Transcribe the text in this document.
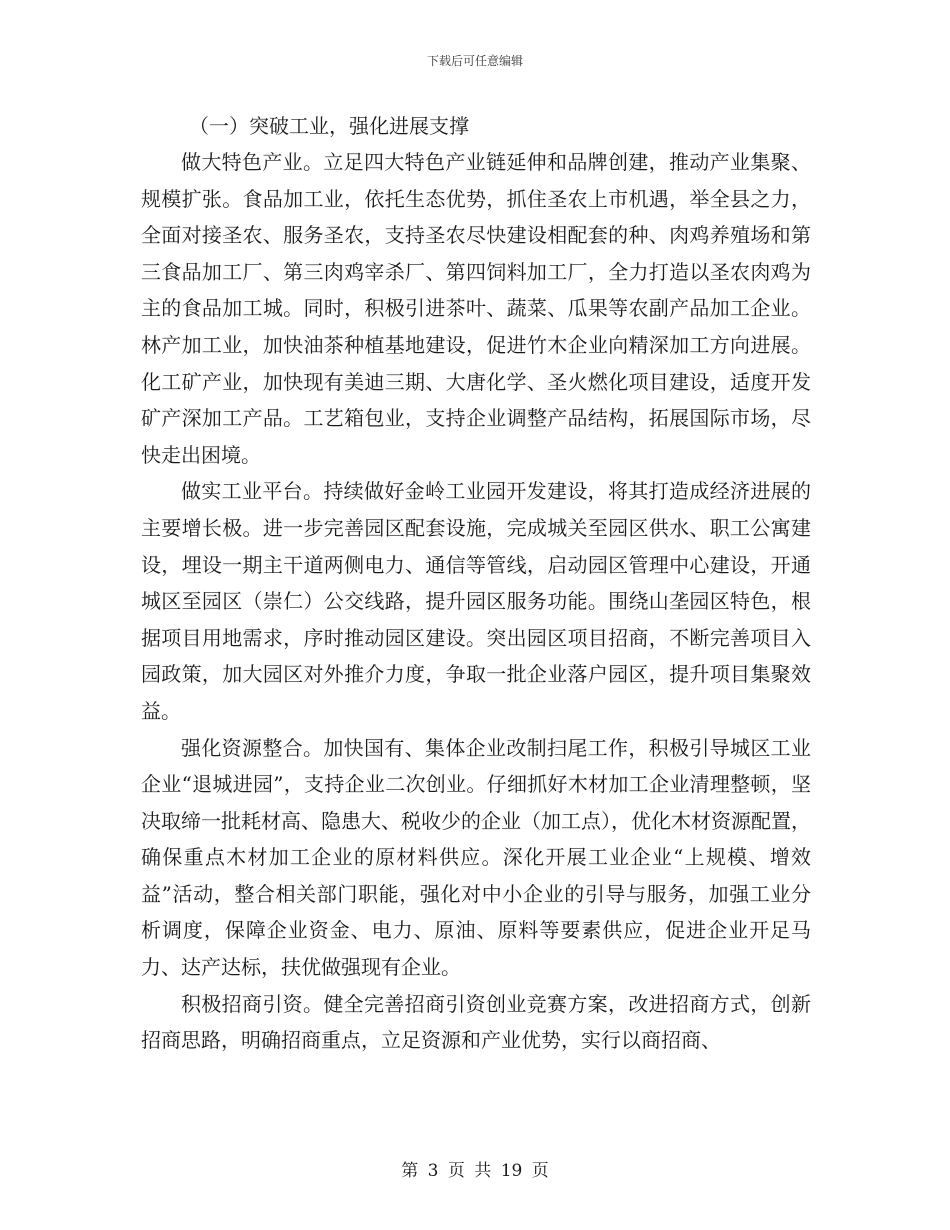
下载后可任意编辑

（一）突破工业，强化进展支撑

做大特色产业。立足四大特色产业链延伸和品牌创建，推动产业集聚、规模扩张。食品加工业，依托生态优势，抓住圣农上市机遇，举全县之力，全面对接圣农、服务圣农，支持圣农尽快建设相配套的种、肉鸡养殖场和第三食品加工厂、第三肉鸡宰杀厂、第四饲料加工厂，全力打造以圣农肉鸡为主的食品加工城。同时，积极引进茶叶、蔬菜、瓜果等农副产品加工企业。林产加工业，加快油茶种植基地建设，促进竹木企业向精深加工方向进展。化工矿产业，加快现有美迪三期、大唐化学、圣火燃化项目建设，适度开发矿产深加工产品。工艺箱包业，支持企业调整产品结构，拓展国际市场，尽快走出困境。

做实工业平台。持续做好金岭工业园开发建设，将其打造成经济进展的主要增长极。进一步完善园区配套设施，完成城关至园区供水、职工公寓建设，埋设一期主干道两侧电力、通信等管线，启动园区管理中心建设，开通城区至园区（崇仁）公交线路，提升园区服务功能。围绕山垄园区特色，根据项目用地需求，序时推动园区建设。突出园区项目招商，不断完善项目入园政策，加大园区对外推介力度，争取一批企业落户园区，提升项目集聚效益。

强化资源整合。加快国有、集体企业改制扫尾工作，积极引导城区工业企业“退城进园”，支持企业二次创业。仔细抓好木材加工企业清理整顿，坚决取缔一批耗材高、隐患大、税收少的企业（加工点），优化木材资源配置，确保重点木材加工企业的原材料供应。深化开展工业企业“上规模、增效益”活动，整合相关部门职能，强化对中小企业的引导与服务，加强工业分析调度，保障企业资金、电力、原油、原料等要素供应，促进企业开足马力、达产达标，扶优做强现有企业。

积极招商引资。健全完善招商引资创业竞赛方案，改进招商方式，创新招商思路，明确招商重点，立足资源和产业优势，实行以商招商、

第 3 页 共 19 页
